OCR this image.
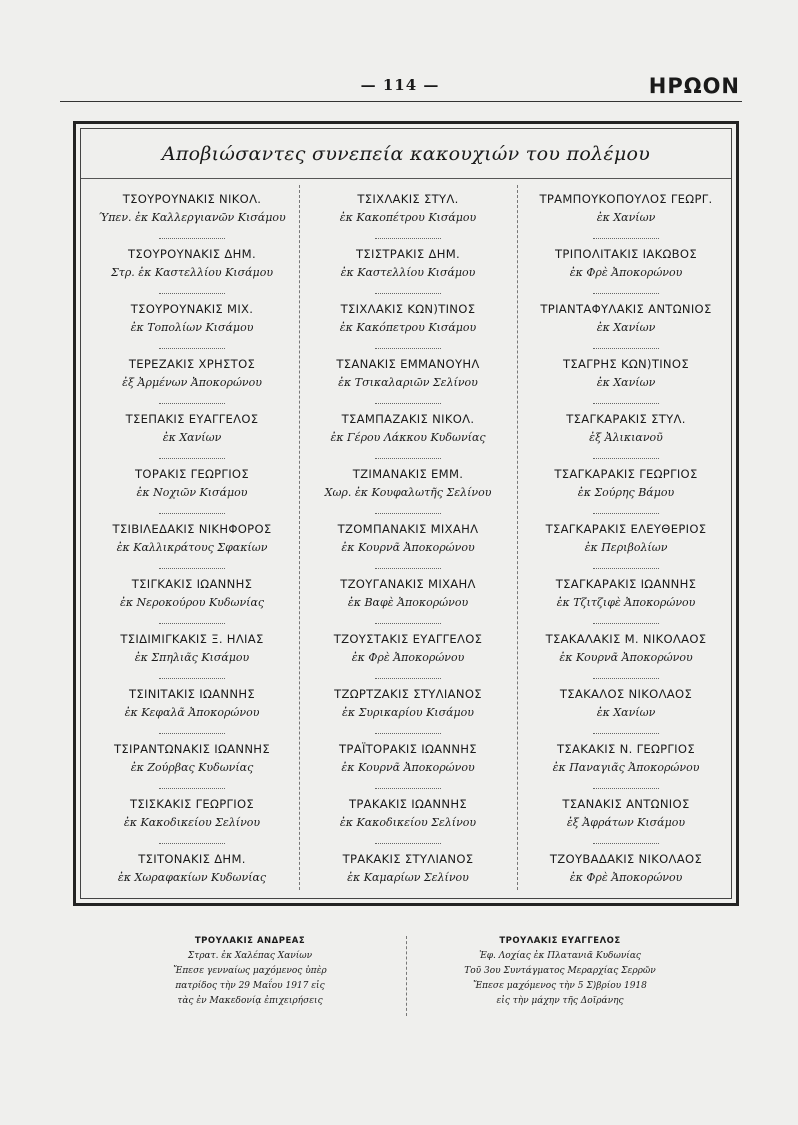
— 114 —	ΗΡΩΟΝ
Αποβιώσαντες συνεπεία κακουχιών του πολέμου
ΤΣΟΥΡΟΥΝΑΚΙΣ ΝΙΚΟΛ.
Ύπεν. ἐκ Καλλεργιανῶν Κισάμου
ΤΣΟΥΡΟΥΝΑΚΙΣ ΔΗΜ.
Στρ. ἐκ Καστελλίου Κισάμου
ΤΣΟΥΡΟΥΝΑΚΙΣ ΜΙΧ.
ἐκ Τοπολίων Κισάμου
ΤΕΡΕΖΑΚΙΣ ΧΡΗΣΤΟΣ
ἐξ Ἀρμένων Ἀποκορώνου
ΤΣΕΠΑΚΙΣ ΕΥΑΓΓΕΛΟΣ
ἐκ Χανίων
ΤΟΡΑΚΙΣ ΓΕΩΡΓΙΟΣ
ἐκ Νοχιῶν Κισάμου
ΤΣΙΒΙΛΕΔΑΚΙΣ ΝΙΚΗΦΟΡΟΣ
ἐκ Καλλικράτους Σφακίων
ΤΣΙΓΚΑΚΙΣ ΙΩΑΝΝΗΣ
ἐκ Νεροκούρου Κυδωνίας
ΤΣΙΔΙΜΙΓΚΑΚΙΣ Ξ. ΗΛΙΑΣ
ἐκ Σπηλιᾶς Κισάμου
ΤΣΙΝΙΤΑΚΙΣ ΙΩΑΝΝΗΣ
ἐκ Κεφαλᾶ Ἀποκορώνου
ΤΣΙΡΑΝΤΩΝΑΚΙΣ ΙΩΑΝΝΗΣ
ἐκ Ζούρβας Κυδωνίας
ΤΣΙΣΚΑΚΙΣ ΓΕΩΡΓΙΟΣ
ἐκ Κακοδικείου Σελίνου
ΤΣΙΤΟΝΑΚΙΣ ΔΗΜ.
ἐκ Χωραφακίων Κυδωνίας
ΤΣΙΧΛΑΚΙΣ ΣΤΥΛ.
ἐκ Κακοπέτρου Κισάμου
ΤΣΙΣΤΡΑΚΙΣ ΔΗΜ.
ἐκ Καστελλίου Κισάμου
ΤΣΙΧΛΑΚΙΣ ΚΩΝ)ΤΙΝΟΣ
ἐκ Κακόπετρου Κισάμου
ΤΣΑΝΑΚΙΣ ΕΜΜΑΝΟΥΗΛ
ἐκ Τσικαλαριῶν Σελίνου
ΤΣΑΜΠΑΖΑΚΙΣ ΝΙΚΟΛ.
ἐκ Γέρου Λάκκου Κυδωνίας
ΤΖΙΜΑΝΑΚΙΣ ΕΜΜ.
Χωρ. ἐκ Κουφαλωτῆς Σελίνου
ΤΖΟΜΠΑΝΑΚΙΣ ΜΙΧΑΗΛ
ἐκ Κουρνᾶ Ἀποκορώνου
ΤΖΟΥΓΑΝΑΚΙΣ ΜΙΧΑΗΛ
ἐκ Βαφὲ Ἀποκορώνου
ΤΖΟΥΣΤΑΚΙΣ ΕΥΑΓΓΕΛΟΣ
ἐκ Φρὲ Ἀποκορώνου
ΤΖΩΡΤΖΑΚΙΣ ΣΤΥΛΙΑΝΟΣ
ἐκ Συρικαρίου Κισάμου
ΤΡΑΪΤΟΡΑΚΙΣ ΙΩΑΝΝΗΣ
ἐκ Κουρνᾶ Ἀποκορώνου
ΤΡΑΚΑΚΙΣ ΙΩΑΝΝΗΣ
ἐκ Κακοδικείου Σελίνου
ΤΡΑΚΑΚΙΣ ΣΤΥΛΙΑΝΟΣ
ἐκ Καμαρίων Σελίνου
ΤΡΑΜΠΟΥΚΟΠΟΥΛΟΣ ΓΕΩΡΓ.
ἐκ Χανίων
ΤΡΙΠΟΛΙΤΑΚΙΣ ΙΑΚΩΒΟΣ
ἐκ Φρὲ Ἀποκορώνου
ΤΡΙΑΝΤΑΦΥΛΑΚΙΣ ΑΝΤΩΝΙΟΣ
ἐκ Χανίων
ΤΣΑΓΡΗΣ ΚΩΝ)ΤΙΝΟΣ
ἐκ Χανίων
ΤΣΑΓΚΑΡΑΚΙΣ ΣΤΥΛ.
ἐξ Ἀλικιανοῦ
ΤΣΑΓΚΑΡΑΚΙΣ ΓΕΩΡΓΙΟΣ
ἐκ Σούρης Βάμου
ΤΣΑΓΚΑΡΑΚΙΣ ΕΛΕΥΘΕΡΙΟΣ
ἐκ Περιβολίων
ΤΣΑΓΚΑΡΑΚΙΣ ΙΩΑΝΝΗΣ
ἐκ Τζιτζιφὲ Ἀποκορώνου
ΤΣΑΚΑΛΑΚΙΣ Μ. ΝΙΚΟΛΑΟΣ
ἐκ Κουρνᾶ Ἀποκορώνου
ΤΣΑΚΑΛΟΣ ΝΙΚΟΛΑΟΣ
ἐκ Χανίων
ΤΣΑΚΑΚΙΣ Ν. ΓΕΩΡΓΙΟΣ
ἐκ Παναγιᾶς Ἀποκορώνου
ΤΣΑΝΑΚΙΣ ΑΝΤΩΝΙΟΣ
ἐξ Ἀφράτων Κισάμου
ΤΖΟΥΒΑΔΑΚΙΣ ΝΙΚΟΛΑΟΣ
ἐκ Φρὲ Ἀποκορώνου
ΤΡΟΥΛΑΚΙΣ ΑΝΔΡΕΑΣ
Στρατ. ἐκ Χαλέπας Χανίων
Ἔπεσε γενναίως μαχόμενος ὑπὲρ
πατρίδος τὴν 29 Μαΐου 1917 εἰς
τὰς ἐν Μακεδονίᾳ ἐπιχειρήσεις
ΤΡΟΥΛΑΚΙΣ ΕΥΑΓΓΕΛΟΣ
Ἐφ. Λοχίας ἐκ Πλατανιᾶ Κυδωνίας
Τοῦ 3ου Συντάγματος Μεραρχίας Σερρῶν
Ἔπεσε μαχόμενος τὴν 5 Σ)βρίου 1918
εἰς τὴν μάχην τῆς Δοϊράνης
